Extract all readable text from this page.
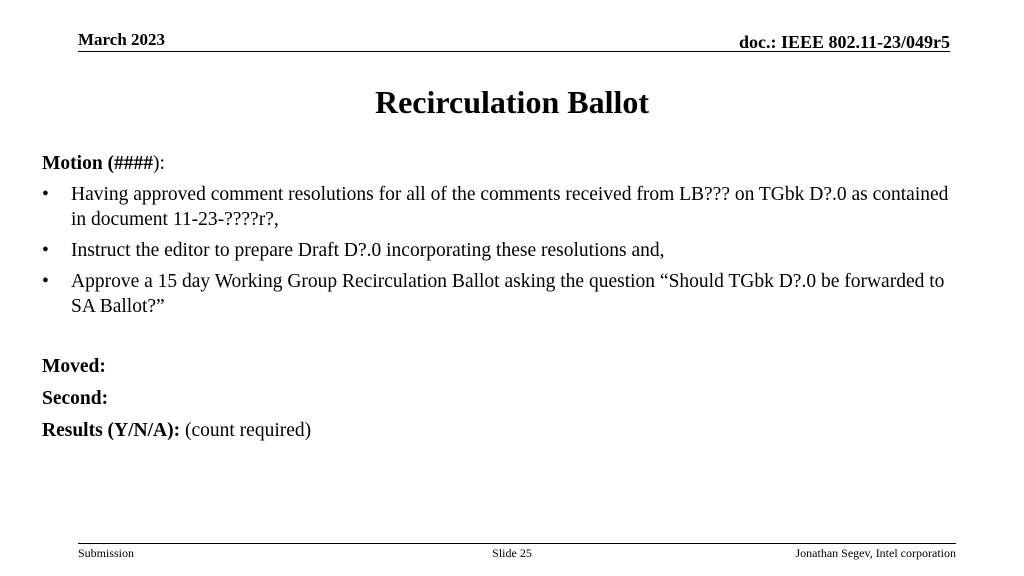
March 2023	doc.: IEEE 802.11-23/049r5
Recirculation Ballot
Motion (####):
• Having approved comment resolutions for all of the comments received from LB??? on TGbk D?.0 as contained in document 11-23-????r?,
• Instruct the editor to prepare Draft D?.0 incorporating these resolutions and,
• Approve a 15 day Working Group Recirculation Ballot asking the question “Should TGbk D?.0 be forwarded to SA Ballot?”
Moved:
Second:
Results (Y/N/A): (count required)
Submission	Slide 25	Jonathan Segev, Intel corporation
